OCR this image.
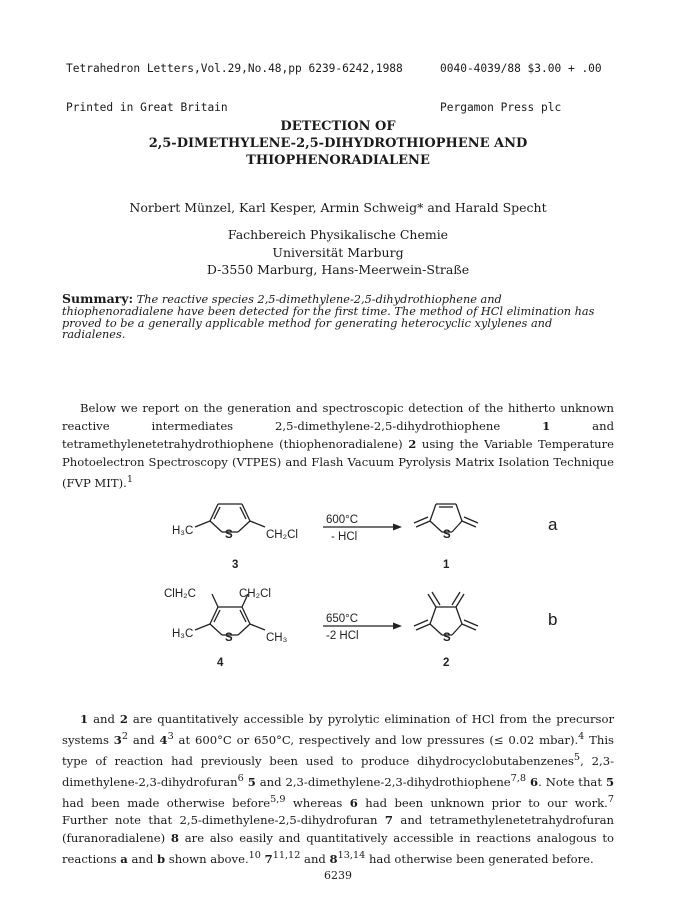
Tetrahedron Letters,Vol.29,No.48,pp 6239-6242,1988

Printed in Great Britain

0040-4039/88 $3.00 + .00

Pergamon Press plc

DETECTION OF
2,5-DIMETHYLENE-2,5-DIHYDROTHIOPHENE AND
THIOPHENORADIALENE
Norbert Münzel, Karl Kesper, Armin Schweig* and Harald Specht
Fachbereich Physikalische Chemie
Universität Marburg
D-3550 Marburg, Hans-Meerwein-Straße
Summary: The reactive species 2,5-dimethylene-2,5-dihydrothiophene and thiophenoradialene have been detected for the first time. The method of HCl elimination has proved to be a generally applicable method for generating heterocyclic xylylenes and radialenes.
Below we report on the generation and spectroscopic detection of the hitherto unknown reactive intermediates 2,5-dimethylene-2,5-dihydrothiophene 1 and tetramethylenetetrahydrothiophene (thiophenoradialene) 2 using the Variable Temperature Photoelectron Spectroscopy (VTPES) and Flash Vacuum Pyrolysis Matrix Isolation Technique (FVP MIT).$^1$
H₃C	S	CH₂Cl
3
600°C
- HCl	S
1
ClH₂C	CH₂Cl
H₃C	S	CH₃
4
650°C
-2 HCl	S
2
a
b
1 and 2 are quantitatively accessible by pyrolytic elimination of HCl from the precursor systems $3^2$ and $4^3$ at 600°C or 650°C, respectively and low pressures (≤ 0.02 mbar).$^4$ This type of reaction had previously been used to produce dihydrocyclobutabenzenes$^5$, 2,3-dimethylene-2,3-dihydrofuran$^6$ 5 and 2,3-dimethylene-2,3-dihydrothiophene$^{7,8}$ 6. Note that 5 had been made otherwise before$^{5,9}$ whereas 6 had been unknown prior to our work.$^7$ Further note that 2,5-dimethylene-2,5-dihydrofuran 7 and tetramethylenetetrahydrofuran (furanoradialene) 8 are also easily and quantitatively accessible in reactions analogous to reactions a and b shown above.$^{10}$ 7$^{11,12}$ and 8$^{13,14}$ had otherwise been generated before.
6239
